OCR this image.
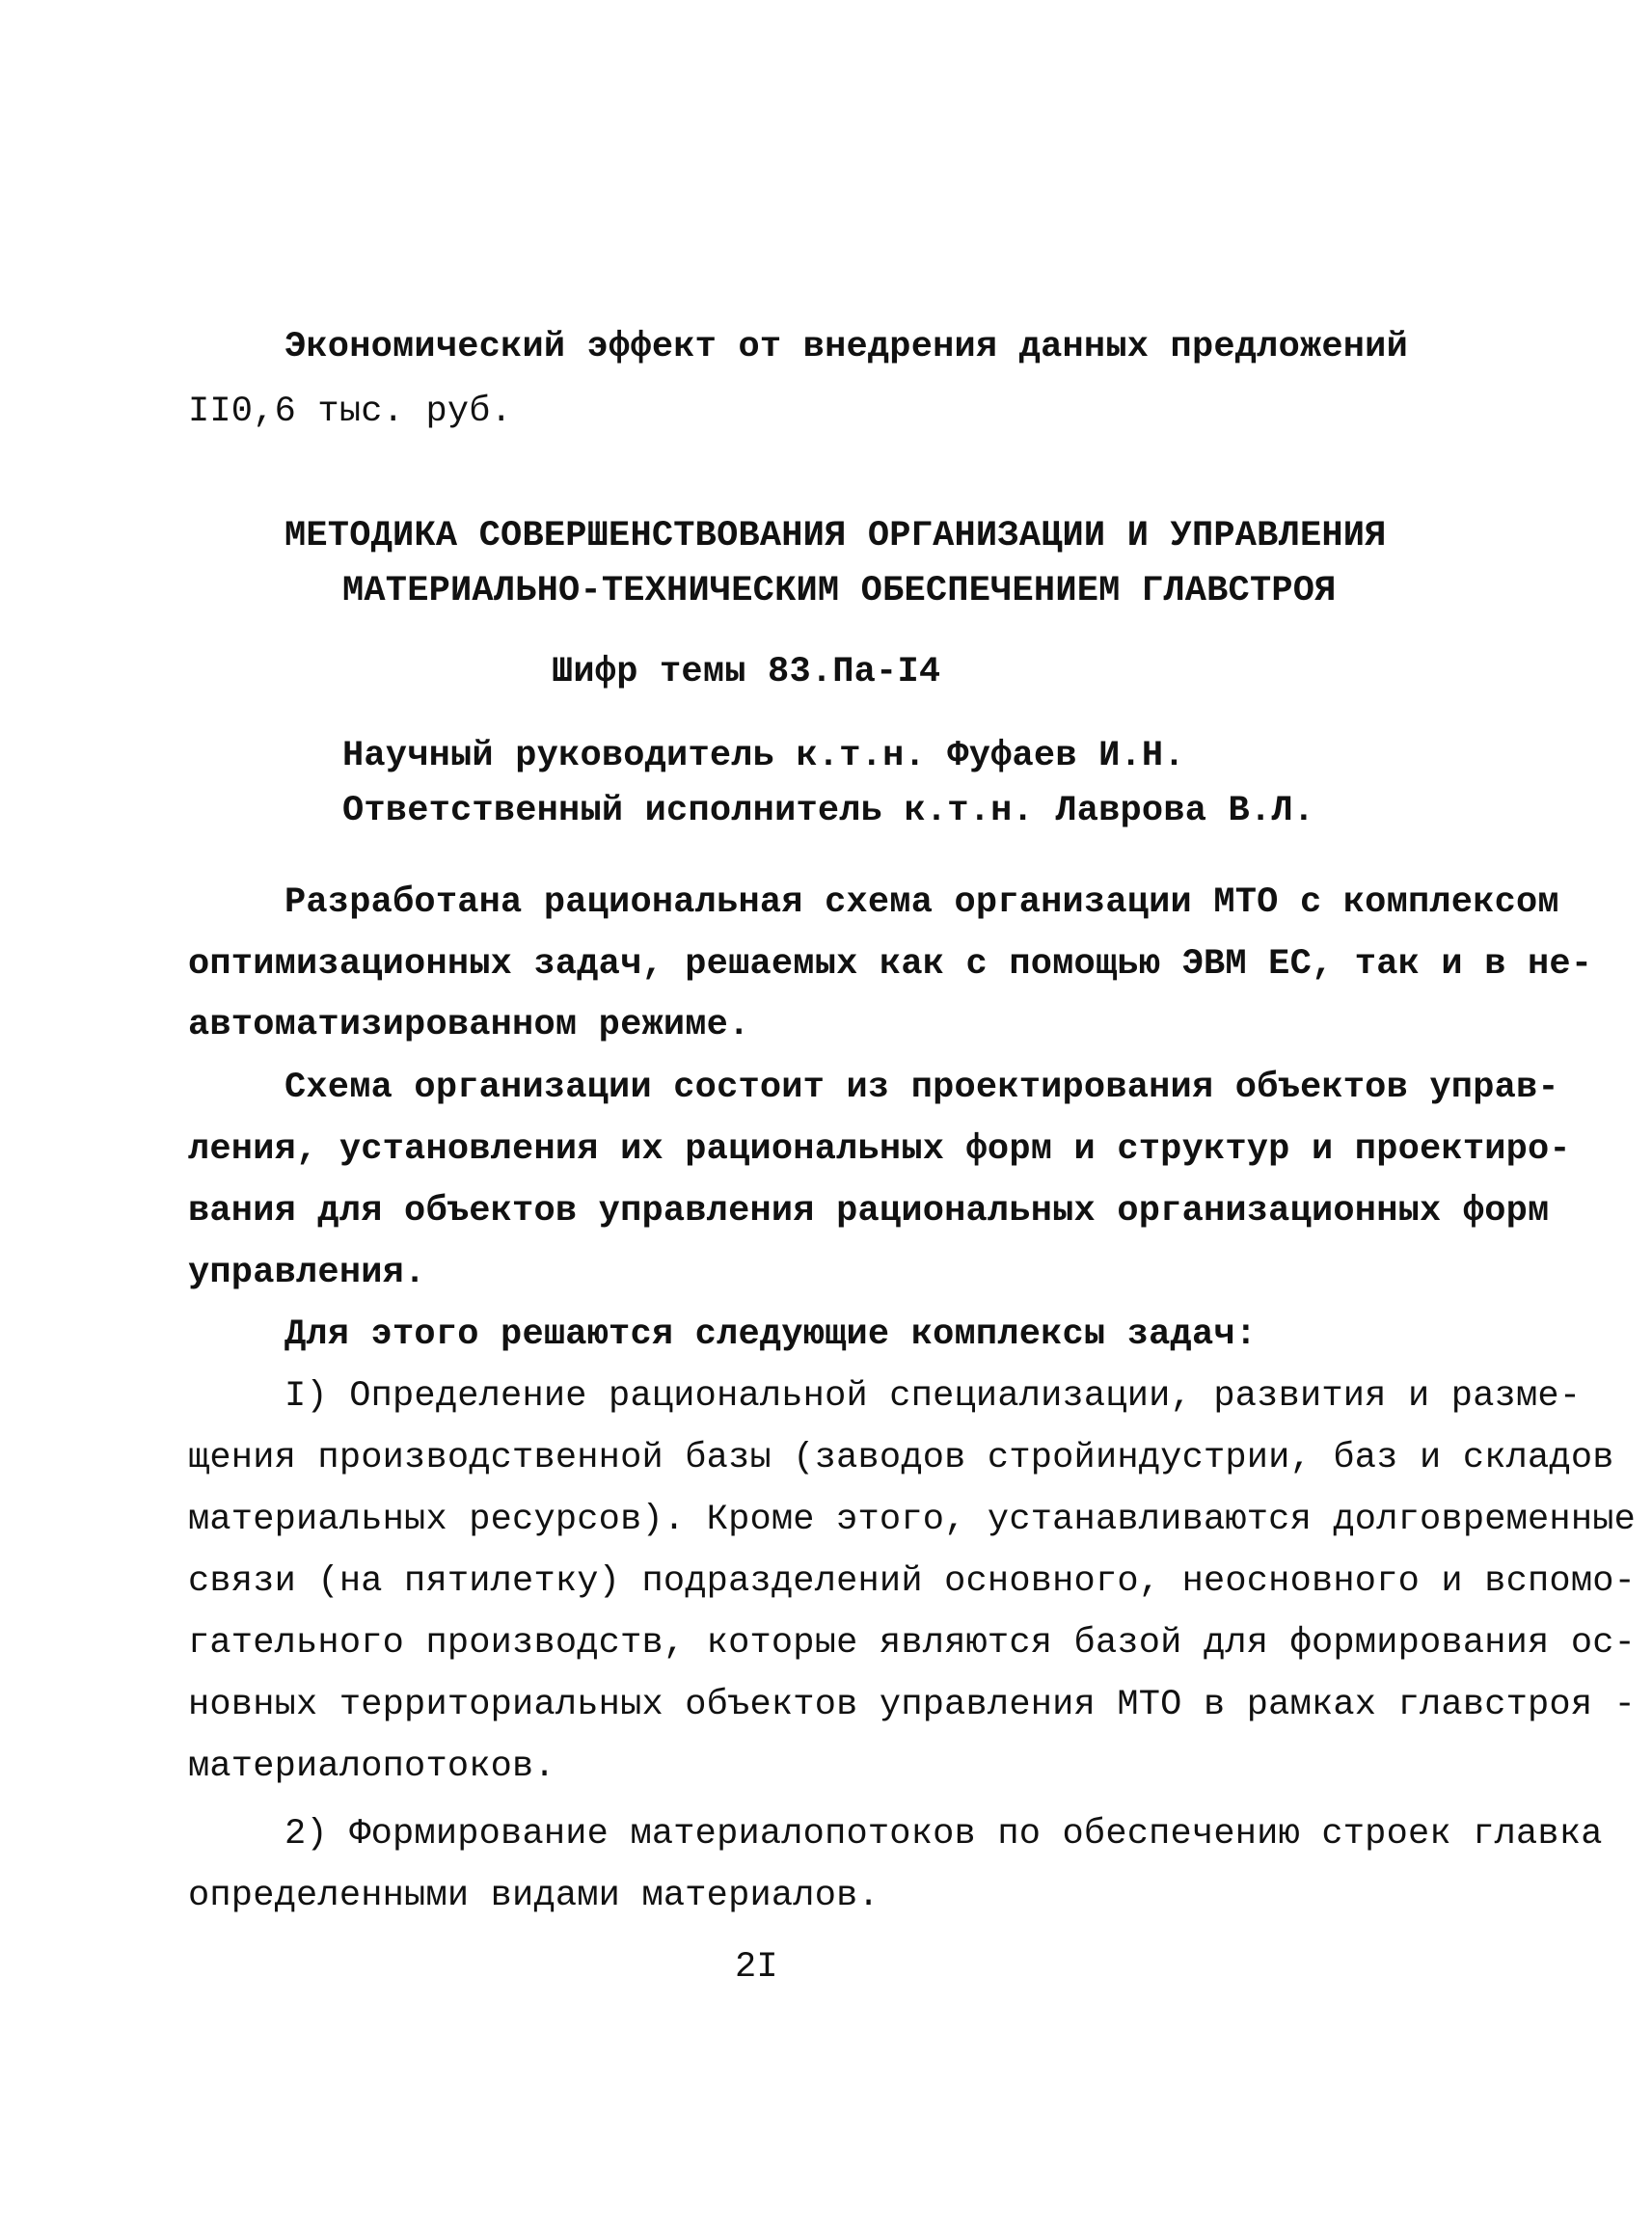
Экономический эффект от внедрения данных предложений
II0,6 тыс. руб.
МЕТОДИКА СОВЕРШЕНСТВОВАНИЯ ОРГАНИЗАЦИИ И УПРАВЛЕНИЯ
МАТЕРИАЛЬНО-ТЕХНИЧЕСКИМ ОБЕСПЕЧЕНИЕМ ГЛАВСТРОЯ
Шифр темы 83.Па-I4
Научный руководитель к.т.н. Фуфаев И.Н.
Ответственный исполнитель к.т.н. Лаврова В.Л.
Разработана рациональная схема организации МТО с комплексом
оптимизационных задач, решаемых как с помощью ЭВМ ЕС, так и в не-
автоматизированном режиме.
Схема организации состоит из проектирования объектов управ-
ления, установления их рациональных форм и структур и проектиро-
вания для объектов управления рациональных организационных форм
управления.
Для этого решаются следующие комплексы задач:
I) Определение рациональной специализации, развития и разме-
щения производственной базы (заводов стройиндустрии, баз и складов
материальных ресурсов). Кроме этого, устанавливаются долговременные
связи (на пятилетку) подразделений основного, неосновного и вспомо-
гательного производств, которые являются базой для формирования ос-
новных территориальных объектов управления МТО в рамках главстроя -
материалопотоков.
2) Формирование материалопотоков по обеспечению строек главка
определенными видами материалов.
2I
